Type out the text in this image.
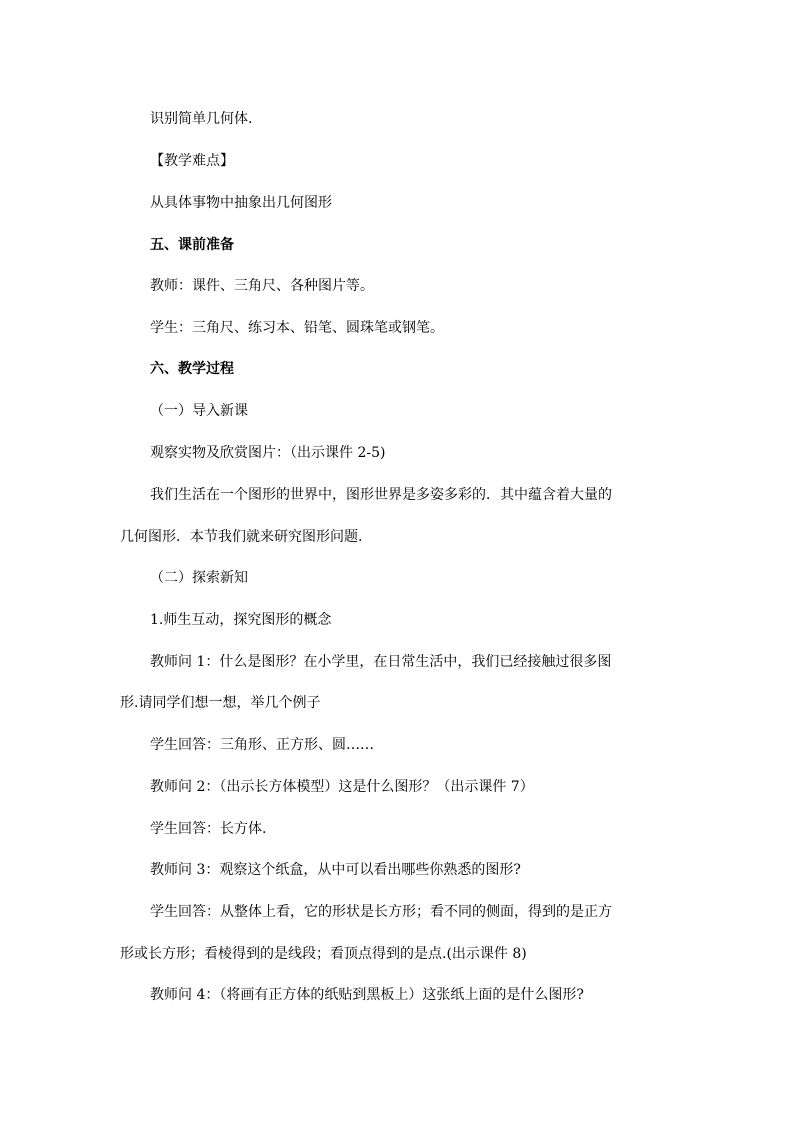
识别简单几何体.
【教学难点】
从具体事物中抽象出几何图形
五、课前准备
教师：课件、三角尺、各种图片等。
学生：三角尺、练习本、铅笔、圆珠笔或钢笔。
六、教学过程
（一）导入新课
观察实物及欣赏图片：（出示课件 2-5)
我们生活在一个图形的世界中，图形世界是多姿多彩的．其中蕴含着大量的
几何图形．本节我们就来研究图形问题.
（二）探索新知
1.师生互动，探究图形的概念
教师问 1：什么是图形？在小学里，在日常生活中，我们已经接触过很多图
形.请同学们想一想，举几个例子
学生回答：三角形、正方形、圆……
教师问 2：（出示长方体模型）这是什么图形？（出示课件 7）
学生回答：长方体.
教师问 3：观察这个纸盒，从中可以看出哪些你熟悉的图形?
学生回答：从整体上看，它的形状是长方形；看不同的侧面，得到的是正方
形或长方形；看棱得到的是线段；看顶点得到的是点.(出示课件 8)
教师问 4：（将画有正方体的纸贴到黑板上）这张纸上面的是什么图形?
